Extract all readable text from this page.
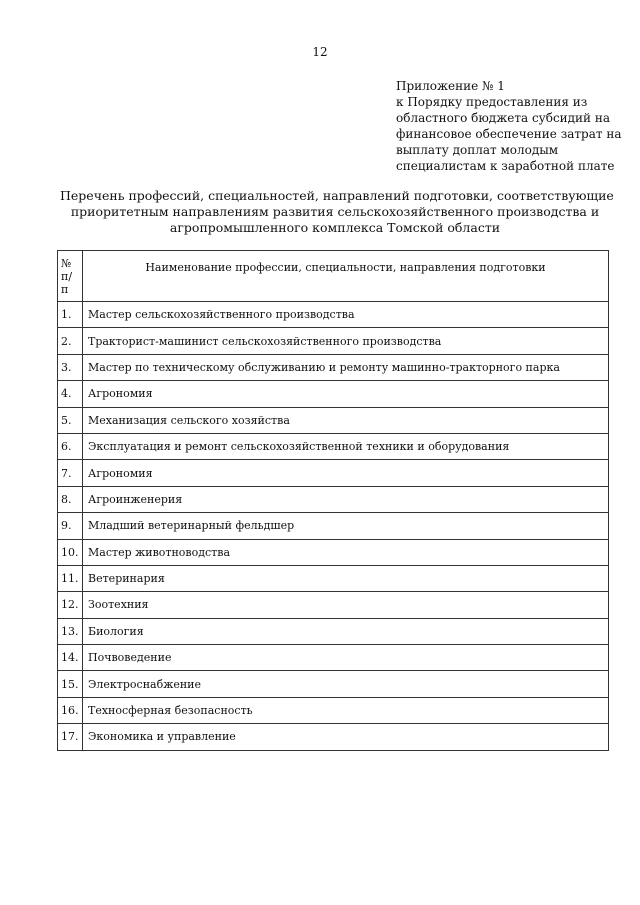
12
Приложение № 1
к Порядку предоставления из
областного бюджета субсидий на
финансовое обеспечение затрат на
выплату доплат молодым
специалистам к заработной плате
Перечень профессий, специальностей, направлений подготовки, соответствующие
приоритетным направлениям развития сельскохозяйственного производства и
агропромышленного комплекса Томской области
№
п/п	Наименование профессии, специальности, направления подготовки
1.	Мастер сельскохозяйственного производства
2.	Тракторист-машинист сельскохозяйственного производства
3.	Мастер по техническому обслуживанию и ремонту машинно-тракторного парка
4.	Агрономия
5.	Механизация сельского хозяйства
6.	Эксплуатация и ремонт сельскохозяйственной техники и оборудования
7.	Агрономия
8.	Агроинженерия
9.	Младший ветеринарный фельдшер
10.	Мастер животноводства
11.	Ветеринария
12.	Зоотехния
13.	Биология
14.	Почвоведение
15.	Электроснабжение
16.	Техносферная безопасность
17.	Экономика и управление
